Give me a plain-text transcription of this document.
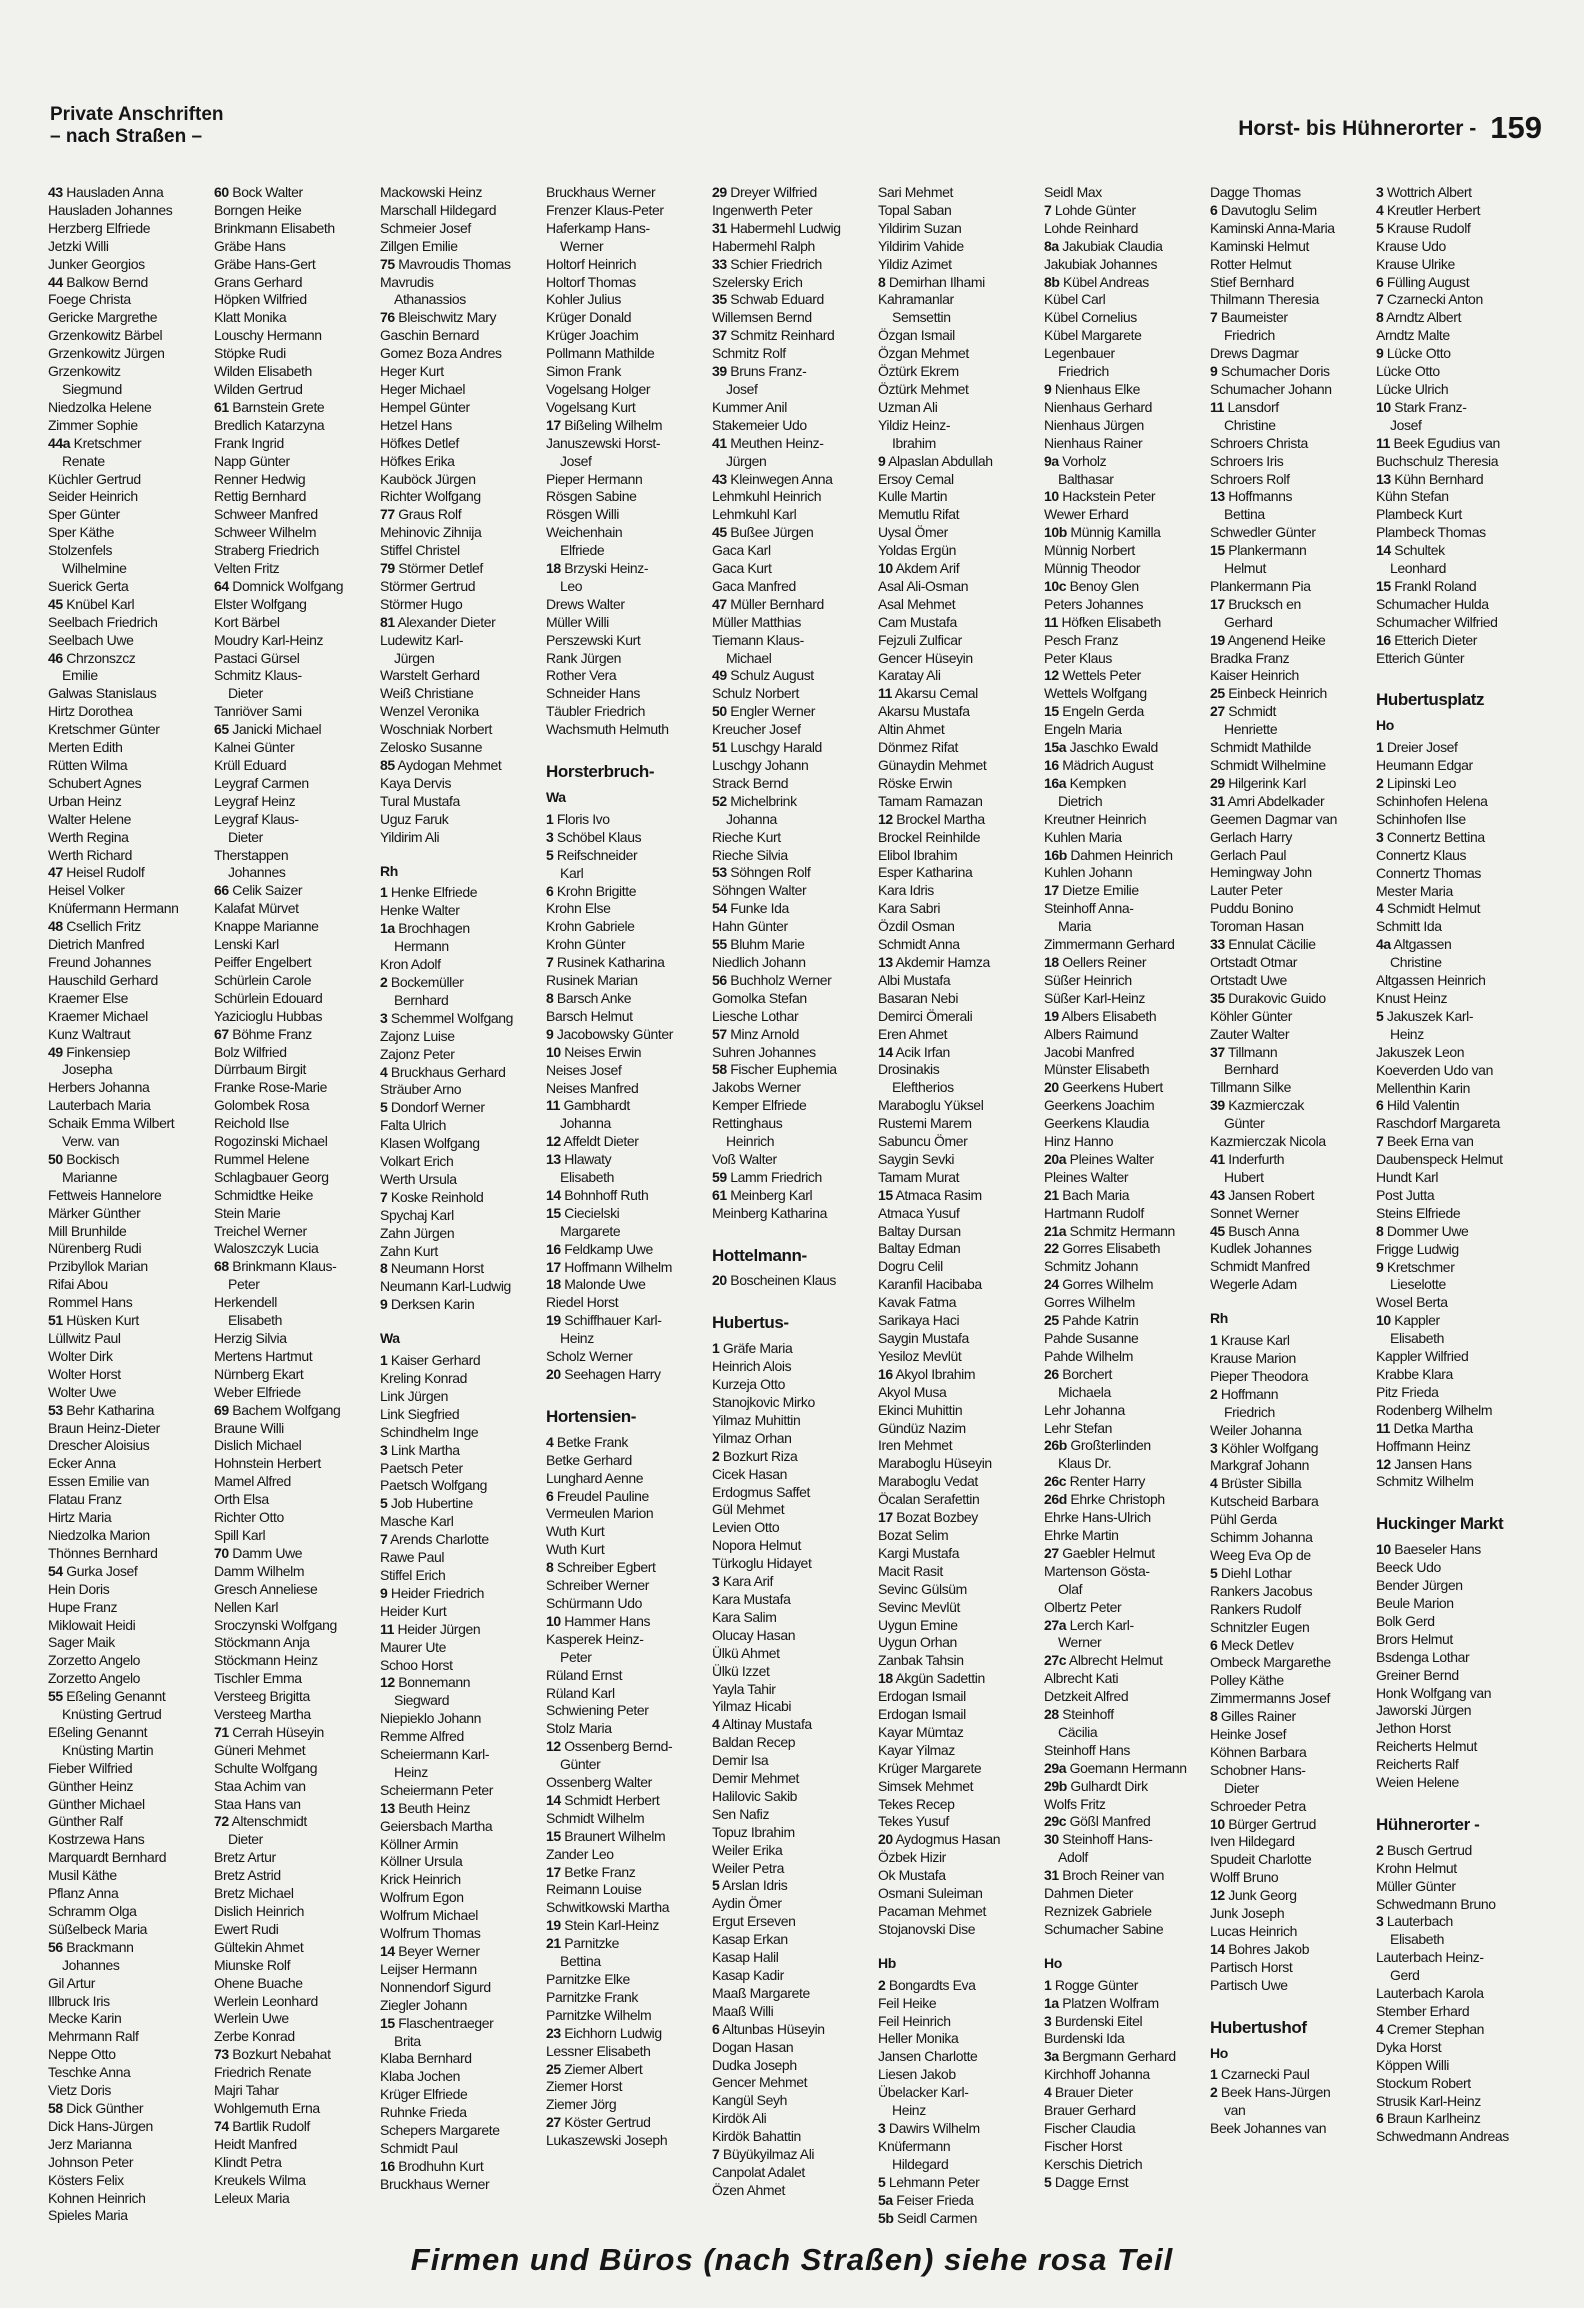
Private Anschriften
– nach Straßen –	Horst- bis Hühnerorter - 159
43 Hausladen Anna
Hausladen Johannes
Herzberg Elfriede
Jetzki Willi
Junker Georgios
44 Balkow Bernd
Foege Christa
Gericke Margrethe
Grzenkowitz Bärbel
Grzenkowitz Jürgen
Grzenkowitz
Siegmund
Niedzolka Helene
Zimmer Sophie
44a Kretschmer
Renate
Küchler Gertrud
Seider Heinrich
Sper Günter
Sper Käthe
Stolzenfels
Wilhelmine
Suerick Gerta
45 Knübel Karl
Seelbach Friedrich
Seelbach Uwe
46 Chrzonszcz
Emilie
Galwas Stanislaus
Hirtz Dorothea
Kretschmer Günter
Merten Edith
Rütten Wilma
Schubert Agnes
Urban Heinz
Walter Helene
Werth Regina
Werth Richard
47 Heisel Rudolf
Heisel Volker
Knüfermann Hermann
48 Csellich Fritz
Dietrich Manfred
Freund Johannes
Hauschild Gerhard
Kraemer Else
Kraemer Michael
Kunz Waltraut
49 Finkensiep
Josepha
Herbers Johanna
Lauterbach Maria
Schaik Emma Wilbert
Verw. van
50 Bockisch
Marianne
Fettweis Hannelore
Märker Günther
Mill Brunhilde
Nürenberg Rudi
Przibyllok Marian
Rifai Abou
Rommel Hans
51 Hüsken Kurt
Lüllwitz Paul
Wolter Dirk
Wolter Horst
Wolter Uwe
53 Behr Katharina
Braun Heinz-Dieter
Drescher Aloisius
Ecker Anna
Essen Emilie van
Flatau Franz
Hirtz Maria
Niedzolka Marion
Thönnes Bernhard
54 Gurka Josef
Hein Doris
Hupe Franz
Miklowait Heidi
Sager Maik
Zorzetto Angelo
Zorzetto Angelo
55 Eßeling Genannt
Knüsting Gertrud
Eßeling Genannt
Knüsting Martin
Fieber Wilfried
Günther Heinz
Günther Michael
Günther Ralf
Kostrzewa Hans
Marquardt Bernhard
Musil Käthe
Pflanz Anna
Schramm Olga
Süßelbeck Maria
56 Brackmann
Johannes
Gil Artur
Illbruck Iris
Mecke Karin
Mehrmann Ralf
Neppe Otto
Teschke Anna
Vietz Doris
58 Dick Günther
Dick Hans-Jürgen
Jerz Marianna
Johnson Peter
Kösters Felix
Kohnen Heinrich
Spieles Maria
60 Bock Walter
Borngen Heike
Brinkmann Elisabeth
Gräbe Hans
Gräbe Hans-Gert
Grans Gerhard
Höpken Wilfried
Klatt Monika
Louschy Hermann
Stöpke Rudi
Wilden Elisabeth
Wilden Gertrud
61 Barnstein Grete
Bredlich Katarzyna
Frank Ingrid
Napp Günter
Renner Hedwig
Rettig Bernhard
Schweer Manfred
Schweer Wilhelm
Straberg Friedrich
Velten Fritz
64 Domnick Wolfgang
Elster Wolfgang
Kort Bärbel
Moudry Karl-Heinz
Pastaci Gürsel
Schmitz Klaus-
Dieter
Tanriöver Sami
65 Janicki Michael
Kalnei Günter
Krüll Eduard
Leygraf Carmen
Leygraf Heinz
Leygraf Klaus-
Dieter
Therstappen
Johannes
66 Celik Saizer
Kalafat Mürvet
Knappe Marianne
Lenski Karl
Peiffer Engelbert
Schürlein Carole
Schürlein Edouard
Yazicioglu Hubbas
67 Böhme Franz
Bolz Wilfried
Dürrbaum Birgit
Franke Rose-Marie
Golombek Rosa
Reichold Ilse
Rogozinski Michael
Rummel Helene
Schlagbauer Georg
Schmidtke Heike
Stein Marie
Treichel Werner
Waloszczyk Lucia
68 Brinkmann Klaus-
Peter
Herkendell
Elisabeth
Herzig Silvia
Mertens Hartmut
Nürnberg Ekart
Weber Elfriede
69 Bachem Wolfgang
Braune Willi
Dislich Michael
Hohnstein Herbert
Mamel Alfred
Orth Elsa
Richter Otto
Spill Karl
70 Damm Uwe
Damm Wilhelm
Gresch Anneliese
Nellen Karl
Sroczynski Wolfgang
Stöckmann Anja
Stöckmann Heinz
Tischler Emma
Versteeg Brigitta
Versteeg Martha
71 Cerrah Hüseyin
Güneri Mehmet
Schulte Wolfgang
Staa Achim van
Staa Hans van
72 Altenschmidt
Dieter
Bretz Artur
Bretz Astrid
Bretz Michael
Dislich Heinrich
Ewert Rudi
Gültekin Ahmet
Miunske Rolf
Ohene Buache
Werlein Leonhard
Werlein Uwe
Zerbe Konrad
73 Bozkurt Nebahat
Friedrich Renate
Majri Tahar
Wohlgemuth Erna
74 Bartlik Rudolf
Heidt Manfred
Klindt Petra
Kreukels Wilma
Leleux Maria
Mackowski Heinz
Marschall Hildegard
Schmeier Josef
Zillgen Emilie
75 Mavroudis Thomas
Mavrudis
Athanassios
76 Bleischwitz Mary
Gaschin Bernard
Gomez Boza Andres
Heger Kurt
Heger Michael
Hempel Günter
Hetzel Hans
Höfkes Detlef
Höfkes Erika
Kauböck Jürgen
Richter Wolfgang
77 Graus Rolf
Mehinovic Zihnija
Stiffel Christel
79 Störmer Detlef
Störmer Gertrud
Störmer Hugo
81 Alexander Dieter
Ludewitz Karl-
Jürgen
Warstelt Gerhard
Weiß Christiane
Wenzel Veronika
Woschniak Norbert
Zelosko Susanne
85 Aydogan Mehmet
Kaya Dervis
Tural Mustafa
Uguz Faruk
Yildirim Ali
Rh
1 Henke Elfriede
Henke Walter
1a Brochhagen
Hermann
Kron Adolf
2 Bockemüller
Bernhard
3 Schemmel Wolfgang
Zajonz Luise
Zajonz Peter
4 Bruckhaus Gerhard
Sträuber Arno
5 Dondorf Werner
Falta Ulrich
Klasen Wolfgang
Volkart Erich
Werth Ursula
7 Koske Reinhold
Spychaj Karl
Zahn Jürgen
Zahn Kurt
8 Neumann Horst
Neumann Karl-Ludwig
9 Derksen Karin
Wa
1 Kaiser Gerhard
Kreling Konrad
Link Jürgen
Link Siegfried
Schindhelm Inge
3 Link Martha
Paetsch Peter
Paetsch Wolfgang
5 Job Hubertine
Masche Karl
7 Arends Charlotte
Rawe Paul
Stiffel Erich
9 Heider Friedrich
Heider Kurt
11 Heider Jürgen
Maurer Ute
Schoo Horst
12 Bonnemann
Siegward
Niepieklo Johann
Remme Alfred
Scheiermann Karl-
Heinz
Scheiermann Peter
13 Beuth Heinz
Geiersbach Martha
Köllner Armin
Köllner Ursula
Krick Heinrich
Wolfrum Egon
Wolfrum Michael
Wolfrum Thomas
14 Beyer Werner
Leijser Hermann
Nonnendorf Sigurd
Ziegler Johann
15 Flaschentraeger
Brita
Klaba Bernhard
Klaba Jochen
Krüger Elfriede
Ruhnke Frieda
Schepers Margarete
Schmidt Paul
16 Brodhuhn Kurt
Bruckhaus Werner
Bruckhaus Werner
Frenzer Klaus-Peter
Haferkamp Hans-
Werner
Holtorf Heinrich
Holtorf Thomas
Kohler Julius
Krüger Donald
Krüger Joachim
Pollmann Mathilde
Simon Frank
Vogelsang Holger
Vogelsang Kurt
17 Bißeling Wilhelm
Januszewski Horst-
Josef
Pieper Hermann
Rösgen Sabine
Rösgen Willi
Weichenhain
Elfriede
18 Brzyski Heinz-
Leo
Drews Walter
Müller Willi
Perszewski Kurt
Rank Jürgen
Rother Vera
Schneider Hans
Täubler Friedrich
Wachsmuth Helmuth
Horsterbruch-
Wa
1 Floris Ivo
3 Schöbel Klaus
5 Reifschneider
Karl
6 Krohn Brigitte
Krohn Else
Krohn Gabriele
Krohn Günter
7 Rusinek Katharina
Rusinek Marian
8 Barsch Anke
Barsch Helmut
9 Jacobowsky Günter
10 Neises Erwin
Neises Josef
Neises Manfred
11 Gambhardt
Johanna
12 Affeldt Dieter
13 Hlawaty
Elisabeth
14 Bohnhoff Ruth
15 Ciecielski
Margarete
16 Feldkamp Uwe
17 Hoffmann Wilhelm
18 Malonde Uwe
Riedel Horst
19 Schiffhauer Karl-
Heinz
Scholz Werner
20 Seehagen Harry
Hortensien-
4 Betke Frank
Betke Gerhard
Lunghard Aenne
6 Freudel Pauline
Vermeulen Marion
Wuth Kurt
Wuth Kurt
8 Schreiber Egbert
Schreiber Werner
Schürmann Udo
10 Hammer Hans
Kasperek Heinz-
Peter
Rüland Ernst
Rüland Karl
Schwiening Peter
Stolz Maria
12 Ossenberg Bernd-
Günter
Ossenberg Walter
14 Schmidt Herbert
Schmidt Wilhelm
15 Braunert Wilhelm
Zander Leo
17 Betke Franz
Reimann Louise
Schwitkowski Martha
19 Stein Karl-Heinz
21 Parnitzke
Bettina
Parnitzke Elke
Parnitzke Frank
Parnitzke Wilhelm
23 Eichhorn Ludwig
Lessner Elisabeth
25 Ziemer Albert
Ziemer Horst
Ziemer Jörg
27 Köster Gertrud
Lukaszewski Joseph
29 Dreyer Wilfried
Ingenwerth Peter
31 Habermehl Ludwig
Habermehl Ralph
33 Schier Friedrich
Szelersky Erich
35 Schwab Eduard
Willemsen Bernd
37 Schmitz Reinhard
Schmitz Rolf
39 Bruns Franz-
Josef
Kummer Anil
Stakemeier Udo
41 Meuthen Heinz-
Jürgen
43 Kleinwegen Anna
Lehmkuhl Heinrich
Lehmkuhl Karl
45 Bußee Jürgen
Gaca Karl
Gaca Kurt
Gaca Manfred
47 Müller Bernhard
Müller Matthias
Tiemann Klaus-
Michael
49 Schulz August
Schulz Norbert
50 Engler Werner
Kreucher Josef
51 Luschgy Harald
Luschgy Johann
Strack Bernd
52 Michelbrink
Johanna
Rieche Kurt
Rieche Silvia
53 Söhngen Rolf
Söhngen Walter
54 Funke Ida
Hahn Günter
55 Bluhm Marie
Niedlich Johann
56 Buchholz Werner
Gomolka Stefan
Liesche Lothar
57 Minz Arnold
Suhren Johannes
58 Fischer Euphemia
Jakobs Werner
Kemper Elfriede
Rettinghaus
Heinrich
Voß Walter
59 Lamm Friedrich
61 Meinberg Karl
Meinberg Katharina
Hottelmann-
20 Boscheinen Klaus
Hubertus-
1 Gräfe Maria
Heinrich Alois
Kurzeja Otto
Stanojkovic Mirko
Yilmaz Muhittin
Yilmaz Orhan
2 Bozkurt Riza
Cicek Hasan
Erdogmus Saffet
Gül Mehmet
Levien Otto
Nopora Helmut
Türkoglu Hidayet
3 Kara Arif
Kara Mustafa
Kara Salim
Olucay Hasan
Ülkü Ahmet
Ülkü Izzet
Yayla Tahir
Yilmaz Hicabi
4 Altinay Mustafa
Baldan Recep
Demir Isa
Demir Mehmet
Halilovic Sakib
Sen Nafiz
Topuz Ibrahim
Weiler Erika
Weiler Petra
5 Arslan Idris
Aydin Ömer
Ergut Erseven
Kasap Erkan
Kasap Halil
Kasap Kadir
Maaß Margarete
Maaß Willi
6 Altunbas Hüseyin
Dogan Hasan
Dudka Joseph
Gencer Mehmet
Kangül Seyh
Kirdök Ali
Kirdök Bahattin
7 Büyükyilmaz Ali
Canpolat Adalet
Özen Ahmet
Sari Mehmet
Topal Saban
Yildirim Suzan
Yildirim Vahide
Yildiz Azimet
8 Demirhan Ilhami
Kahramanlar
Semsettin
Özgan Ismail
Özgan Mehmet
Öztürk Ekrem
Öztürk Mehmet
Uzman Ali
Yildiz Heinz-
Ibrahim
9 Alpaslan Abdullah
Ersoy Cemal
Kulle Martin
Memutlu Rifat
Uysal Ömer
Yoldas Ergün
10 Akdem Arif
Asal Ali-Osman
Asal Mehmet
Cam Mustafa
Fejzuli Zulficar
Gencer Hüseyin
Karatay Ali
11 Akarsu Cemal
Akarsu Mustafa
Altin Ahmet
Dönmez Rifat
Günaydin Mehmet
Röske Erwin
Tamam Ramazan
12 Brockel Martha
Brockel Reinhilde
Elibol Ibrahim
Esper Katharina
Kara Idris
Kara Sabri
Özdil Osman
Schmidt Anna
13 Akdemir Hamza
Albi Mustafa
Basaran Nebi
Demirci Ömerali
Eren Ahmet
14 Acik Irfan
Drosinakis
Eleftherios
Maraboglu Yüksel
Rustemi Marem
Sabuncu Ömer
Saygin Sevki
Tamam Murat
15 Atmaca Rasim
Atmaca Yusuf
Baltay Dursan
Baltay Edman
Dogru Celil
Karanfil Hacibaba
Kavak Fatma
Sarikaya Haci
Saygin Mustafa
Yesiloz Mevlüt
16 Akyol Ibrahim
Akyol Musa
Ekinci Muhittin
Gündüz Nazim
Iren Mehmet
Maraboglu Hüseyin
Maraboglu Vedat
Öcalan Serafettin
17 Bozat Bozbey
Bozat Selim
Kargi Mustafa
Macit Rasit
Sevinc Gülsüm
Sevinc Mevlüt
Uygun Emine
Uygun Orhan
Zanbak Tahsin
18 Akgün Sadettin
Erdogan Ismail
Erdogan Ismail
Kayar Mümtaz
Kayar Yilmaz
Krüger Margarete
Simsek Mehmet
Tekes Recep
Tekes Yusuf
20 Aydogmus Hasan
Özbek Hizir
Ok Mustafa
Osmani Suleiman
Pacaman Mehmet
Stojanovski Dise
Hb
2 Bongardts Eva
Feil Heike
Feil Heinrich
Heller Monika
Jansen Charlotte
Liesen Jakob
Übelacker Karl-
Heinz
3 Dawirs Wilhelm
Knüfermann
Hildegard
5 Lehmann Peter
5a Feiser Frieda
5b Seidl Carmen
Seidl Max
7 Lohde Günter
Lohde Reinhard
8a Jakubiak Claudia
Jakubiak Johannes
8b Kübel Andreas
Kübel Carl
Kübel Cornelius
Kübel Margarete
Legenbauer
Friedrich
9 Nienhaus Elke
Nienhaus Gerhard
Nienhaus Jürgen
Nienhaus Rainer
9a Vorholz
Balthasar
10 Hackstein Peter
Wewer Erhard
10b Münnig Kamilla
Münnig Norbert
Münnig Theodor
10c Benoy Glen
Peters Johannes
11 Höfken Elisabeth
Pesch Franz
Peter Klaus
12 Wettels Peter
Wettels Wolfgang
15 Engeln Gerda
Engeln Maria
15a Jaschko Ewald
16 Mädrich August
16a Kempken
Dietrich
Kreutner Heinrich
Kuhlen Maria
16b Dahmen Heinrich
Kuhlen Johann
17 Dietze Emilie
Steinhoff Anna-
Maria
Zimmermann Gerhard
18 Oellers Reiner
Süßer Heinrich
Süßer Karl-Heinz
19 Albers Elisabeth
Albers Raimund
Jacobi Manfred
Münster Elisabeth
20 Geerkens Hubert
Geerkens Joachim
Geerkens Klaudia
Hinz Hanno
20a Pleines Walter
Pleines Walter
21 Bach Maria
Hartmann Rudolf
21a Schmitz Hermann
22 Gorres Elisabeth
Schmitz Johann
24 Gorres Wilhelm
Gorres Wilhelm
25 Pahde Katrin
Pahde Susanne
Pahde Wilhelm
26 Borchert
Michaela
Lehr Johanna
Lehr Stefan
26b Großterlinden
Klaus Dr.
26c Renter Harry
26d Ehrke Christoph
Ehrke Hans-Ulrich
Ehrke Martin
27 Gaebler Helmut
Martenson Gösta-
Olaf
Olbertz Peter
27a Lerch Karl-
Werner
27c Albrecht Helmut
Albrecht Kati
Detzkeit Alfred
28 Steinhoff
Cäcilia
Steinhoff Hans
29a Goemann Hermann
29b Gulhardt Dirk
Wolfs Fritz
29c Gößl Manfred
30 Steinhoff Hans-
Adolf
31 Broch Reiner van
Dahmen Dieter
Reznizek Gabriele
Schumacher Sabine
Ho
1 Rogge Günter
1a Platzen Wolfram
3 Burdenski Eitel
Burdenski Ida
3a Bergmann Gerhard
Kirchhoff Johanna
4 Brauer Dieter
Brauer Gerhard
Fischer Claudia
Fischer Horst
Kerschis Dietrich
5 Dagge Ernst
Dagge Thomas
6 Davutoglu Selim
Kaminski Anna-Maria
Kaminski Helmut
Rotter Helmut
Stief Bernhard
Thilmann Theresia
7 Baumeister
Friedrich
Drews Dagmar
9 Schumacher Doris
Schumacher Johann
11 Lansdorf
Christine
Schroers Christa
Schroers Iris
Schroers Rolf
13 Hoffmanns
Bettina
Schwedler Günter
15 Plankermann
Helmut
Plankermann Pia
17 Brucksch en
Gerhard
19 Angenend Heike
Bradka Franz
Kaiser Heinrich
25 Einbeck Heinrich
27 Schmidt
Henriette
Schmidt Mathilde
Schmidt Wilhelmine
29 Hilgerink Karl
31 Amri Abdelkader
Geemen Dagmar van
Gerlach Harry
Gerlach Paul
Hemingway John
Lauter Peter
Puddu Bonino
Toroman Hasan
33 Ennulat Cäcilie
Ortstadt Otmar
Ortstadt Uwe
35 Durakovic Guido
Köhler Günter
Zauter Walter
37 Tillmann
Bernhard
Tillmann Silke
39 Kazmierczak
Günter
Kazmierczak Nicola
41 Inderfurth
Hubert
43 Jansen Robert
Sonnet Werner
45 Busch Anna
Kudlek Johannes
Schmidt Manfred
Wegerle Adam
Rh
1 Krause Karl
Krause Marion
Pieper Theodora
2 Hoffmann
Friedrich
Weiler Johanna
3 Köhler Wolfgang
Markgraf Johann
4 Brüster Sibilla
Kutscheid Barbara
Pühl Gerda
Schimm Johanna
Weeg Eva Op de
5 Diehl Lothar
Rankers Jacobus
Rankers Rudolf
Schnitzler Eugen
6 Meck Detlev
Ombeck Margarethe
Polley Käthe
Zimmermanns Josef
8 Gilles Rainer
Heinke Josef
Köhnen Barbara
Schobner Hans-
Dieter
Schroeder Petra
10 Bürger Gertrud
Iven Hildegard
Spudeit Charlotte
Wolff Bruno
12 Junk Georg
Junk Joseph
Lucas Heinrich
14 Bohres Jakob
Partisch Horst
Partisch Uwe
Hubertushof
Ho
1 Czarnecki Paul
2 Beek Hans-Jürgen
van
Beek Johannes van
3 Wottrich Albert
4 Kreutler Herbert
5 Krause Rudolf
Krause Udo
Krause Ulrike
6 Fülling August
7 Czarnecki Anton
8 Arndtz Albert
Arndtz Malte
9 Lücke Otto
Lücke Otto
Lücke Ulrich
10 Stark Franz-
Josef
11 Beek Egudius van
Buchschulz Theresia
13 Kühn Bernhard
Kühn Stefan
Plambeck Kurt
Plambeck Thomas
14 Schultek
Leonhard
15 Frankl Roland
Schumacher Hulda
Schumacher Wilfried
16 Etterich Dieter
Etterich Günter
Hubertusplatz
Ho
1 Dreier Josef
Heumann Edgar
2 Lipinski Leo
Schinhofen Helena
Schinhofen Ilse
3 Connertz Bettina
Connertz Klaus
Connertz Thomas
Mester Maria
4 Schmidt Helmut
Schmitt Ida
4a Altgassen
Christine
Altgassen Heinrich
Knust Heinz
5 Jakuszek Karl-
Heinz
Jakuszek Leon
Koeverden Udo van
Mellenthin Karin
6 Hild Valentin
Raschdorf Margareta
7 Beek Erna van
Daubenspeck Helmut
Hundt Karl
Post Jutta
Steins Elfriede
8 Dommer Uwe
Frigge Ludwig
9 Kretschmer
Lieselotte
Wosel Berta
10 Kappler
Elisabeth
Kappler Wilfried
Krabbe Klara
Pitz Frieda
Rodenberg Wilhelm
11 Detka Martha
Hoffmann Heinz
12 Jansen Hans
Schmitz Wilhelm
Huckinger Markt
10 Baeseler Hans
Beeck Udo
Bender Jürgen
Beule Marion
Bolk Gerd
Brors Helmut
Bsdenga Lothar
Greiner Bernd
Honk Wolfgang van
Jaworski Jürgen
Jethon Horst
Reicherts Helmut
Reicherts Ralf
Weien Helene
Hühnerorter -
2 Busch Gertrud
Krohn Helmut
Müller Günter
Schwedmann Bruno
3 Lauterbach
Elisabeth
Lauterbach Heinz-
Gerd
Lauterbach Karola
Stember Erhard
4 Cremer Stephan
Dyka Horst
Köppen Willi
Stockum Robert
Strusik Karl-Heinz
6 Braun Karlheinz
Schwedmann Andreas
Firmen und Büros (nach Straßen) siehe rosa Teil
